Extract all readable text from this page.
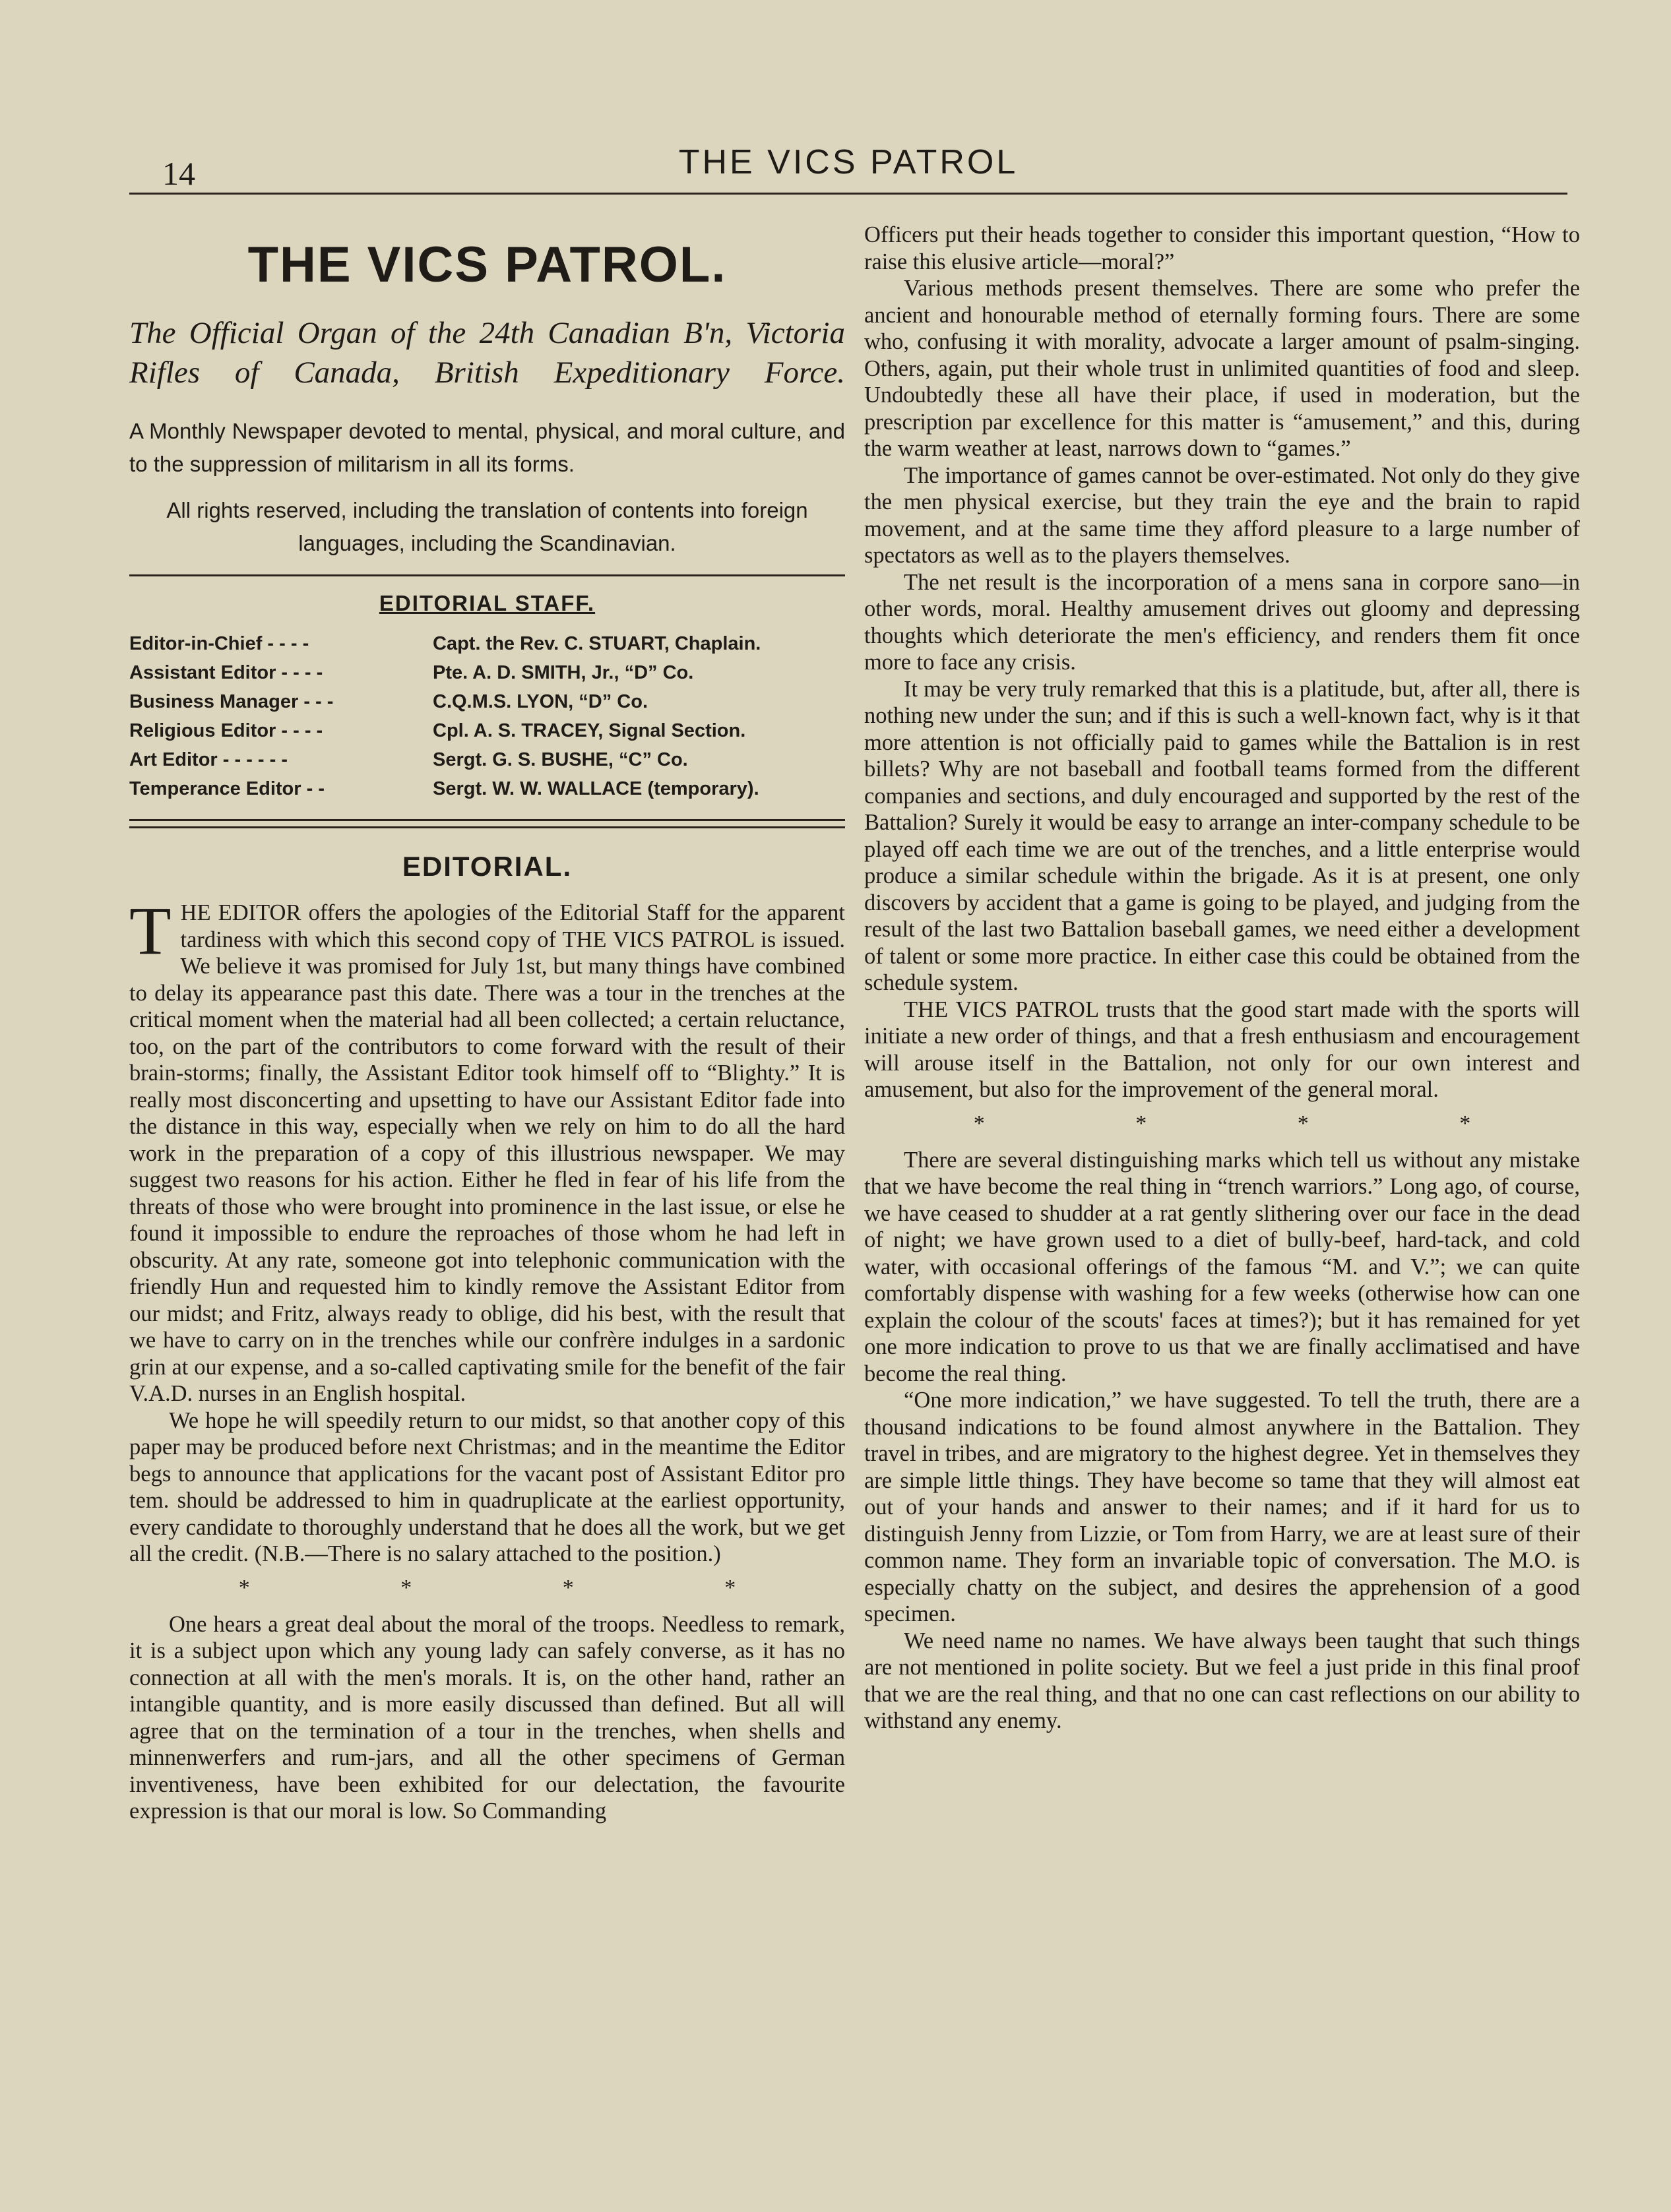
14	THE VICS PATROL
THE VICS PATROL.
The Official Organ of the 24th Canadian B'n, Victoria
Rifles of Canada, British Expeditionary Force.

A Monthly Newspaper devoted to mental, physical, and moral culture, and to the suppression of militarism in all its forms.

All rights reserved, including the translation of contents into foreign languages, including the Scandinavian.

EDITORIAL STAFF.
Editor-in-Chief - - - -	Capt. the Rev. C. STUART, Chaplain.
Assistant Editor - - - -	Pte. A. D. SMITH, Jr., “D” Co.
Business Manager - - -	C.Q.M.S. LYON, “D” Co.
Religious Editor - - - -	Cpl. A. S. TRACEY, Signal Section.
Art Editor - - - - - -	Sergt. G. S. BUSHE, “C” Co.
Temperance Editor - -	Sergt. W. W. WALLACE (temporary).
EDITORIAL.

THE EDITOR offers the apologies of the Editorial Staff for the apparent tardiness with which this second copy of THE VICS PATROL is issued. We believe it was promised for July 1st, but many things have combined to delay its appearance past this date. There was a tour in the trenches at the critical moment when the material had all been collected; a certain reluctance, too, on the part of the contributors to come forward with the result of their brain-storms; finally, the Assistant Editor took himself off to “Blighty.” It is really most disconcerting and upsetting to have our Assistant Editor fade into the distance in this way, especially when we rely on him to do all the hard work in the preparation of a copy of this illustrious newspaper. We may suggest two reasons for his action. Either he fled in fear of his life from the threats of those who were brought into prominence in the last issue, or else he found it impossible to endure the reproaches of those whom he had left in obscurity. At any rate, someone got into telephonic communication with the friendly Hun and requested him to kindly remove the Assistant Editor from our midst; and Fritz, always ready to oblige, did his best, with the result that we have to carry on in the trenches while our confrère indulges in a sardonic grin at our expense, and a so-called captivating smile for the benefit of the fair V.A.D. nurses in an English hospital.

We hope he will speedily return to our midst, so that another copy of this paper may be produced before next Christmas; and in the meantime the Editor begs to announce that applications for the vacant post of Assistant Editor pro tem. should be addressed to him in quadruplicate at the earliest opportunity, every candidate to thoroughly understand that he does all the work, but we get all the credit. (N.B.—There is no salary attached to the position.)

* * * *

One hears a great deal about the moral of the troops. Needless to remark, it is a subject upon which any young lady can safely converse, as it has no connection at all with the men's morals. It is, on the other hand, rather an intangible quantity, and is more easily discussed than defined. But all will agree that on the termination of a tour in the trenches, when shells and minnenwerfers and rum-jars, and all the other specimens of German inventiveness, have been exhibited for our delectation, the favourite expression is that our moral is low. So Commanding

Officers put their heads together to consider this important question, “How to raise this elusive article—moral?”

Various methods present themselves. There are some who prefer the ancient and honourable method of eternally forming fours. There are some who, confusing it with morality, advocate a larger amount of psalm-singing. Others, again, put their whole trust in unlimited quantities of food and sleep. Undoubtedly these all have their place, if used in moderation, but the prescription par excellence for this matter is “amusement,” and this, during the warm weather at least, narrows down to “games.”

The importance of games cannot be over-estimated. Not only do they give the men physical exercise, but they train the eye and the brain to rapid movement, and at the same time they afford pleasure to a large number of spectators as well as to the players themselves.

The net result is the incorporation of a mens sana in corpore sano—in other words, moral. Healthy amusement drives out gloomy and depressing thoughts which deteriorate the men's efficiency, and renders them fit once more to face any crisis.

It may be very truly remarked that this is a platitude, but, after all, there is nothing new under the sun; and if this is such a well-known fact, why is it that more attention is not officially paid to games while the Battalion is in rest billets? Why are not baseball and football teams formed from the different companies and sections, and duly encouraged and supported by the rest of the Battalion? Surely it would be easy to arrange an inter-company schedule to be played off each time we are out of the trenches, and a little enterprise would produce a similar schedule within the brigade. As it is at present, one only discovers by accident that a game is going to be played, and judging from the result of the last two Battalion baseball games, we need either a development of talent or some more practice. In either case this could be obtained from the schedule system.

THE VICS PATROL trusts that the good start made with the sports will initiate a new order of things, and that a fresh enthusiasm and encouragement will arouse itself in the Battalion, not only for our own interest and amusement, but also for the improvement of the general moral.

* * * *

There are several distinguishing marks which tell us without any mistake that we have become the real thing in “trench warriors.” Long ago, of course, we have ceased to shudder at a rat gently slithering over our face in the dead of night; we have grown used to a diet of bully-beef, hard-tack, and cold water, with occasional offerings of the famous “M. and V.”; we can quite comfortably dispense with washing for a few weeks (otherwise how can one explain the colour of the scouts' faces at times?); but it has remained for yet one more indication to prove to us that we are finally acclimatised and have become the real thing.

“One more indication,” we have suggested. To tell the truth, there are a thousand indications to be found almost anywhere in the Battalion. They travel in tribes, and are migratory to the highest degree. Yet in themselves they are simple little things. They have become so tame that they will almost eat out of your hands and answer to their names; and if it hard for us to distinguish Jenny from Lizzie, or Tom from Harry, we are at least sure of their common name. They form an invariable topic of conversation. The M.O. is especially chatty on the subject, and desires the apprehension of a good specimen.

We need name no names. We have always been taught that such things are not mentioned in polite society. But we feel a just pride in this final proof that we are the real thing, and that no one can cast reflections on our ability to withstand any enemy.
